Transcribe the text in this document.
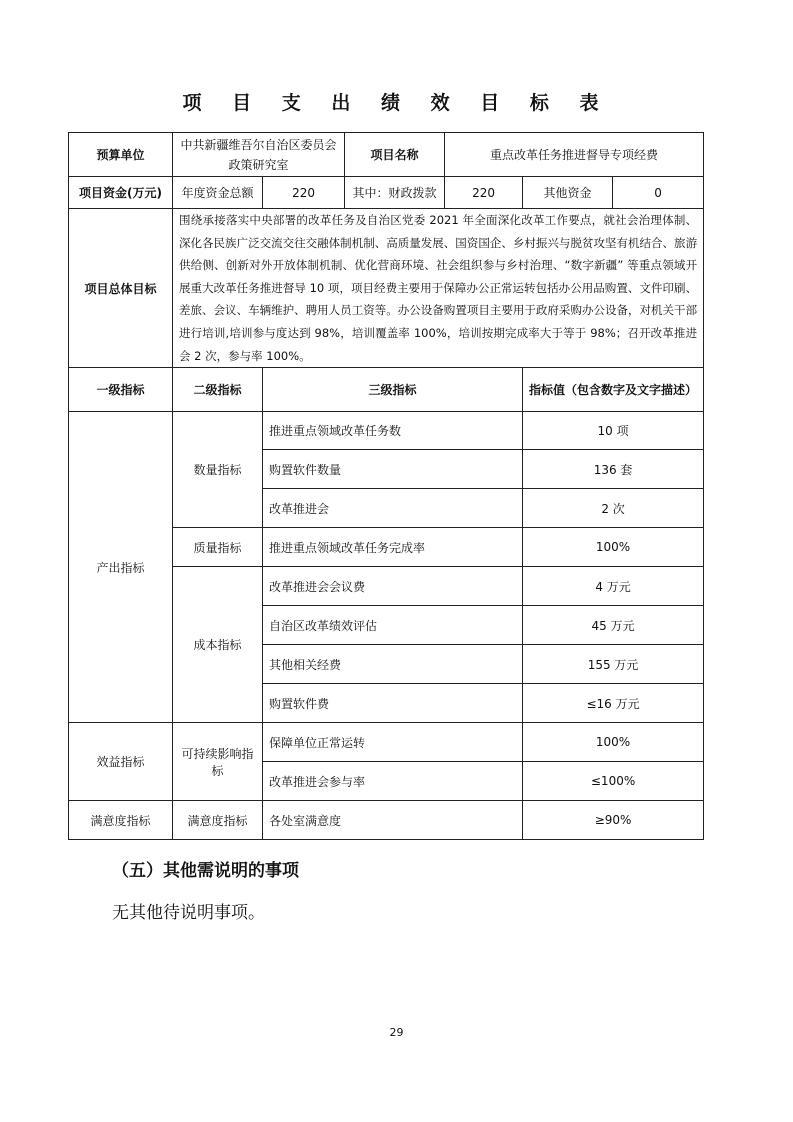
项 目 支 出 绩 效 目 标 表
预算单位	中共新疆维吾尔自治区委员会政策研究室		项目名称	重点改革任务推进督导专项经费		
项目资金(万元)	年度资金总额	220	其中：财政拨款	220	其他资金	0
项目总体目标	围绕承接落实中央部署的改革任务及自治区党委 2021 年全面深化改革工作要点，就社会治理体制、深化各民族广泛交流交往交融体制机制、高质量发展、国资国企、乡村振兴与脱贫攻坚有机结合、旅游供给侧、创新对外开放体制机制、优化营商环境、社会组织参与乡村治理、“数字新疆” 等重点领域开展重大改革任务推进督导 10 项，项目经费主要用于保障办公正常运转包括办公用品购置、文件印刷、差旅、会议、车辆维护、聘用人员工资等。办公设备购置项目主要用于政府采购办公设备，对机关干部进行培训,培训参与度达到 98%，培训覆盖率 100%，培训按期完成率大于等于 98%；召开改革推进会 2 次，参与率 100%。					
一级指标	二级指标	三级指标			指标值（包含数字及文字描述）	
产出指标	数量指标	推进重点领域改革任务数			10 项	
		购置软件数量			136 套	
		改革推进会			2 次	
	质量指标	推进重点领域改革任务完成率			100%	
	成本指标	改革推进会会议费			4 万元	
		自治区改革绩效评估			45 万元	
		其他相关经费			155 万元	
		购置软件费			≤16 万元	
效益指标	可持续影响指标	保障单位正常运转			100%	
		改革推进会参与率			≤100%	
满意度指标	满意度指标	各处室满意度			≥90%	
（五）其他需说明的事项
无其他待说明事项。
29
